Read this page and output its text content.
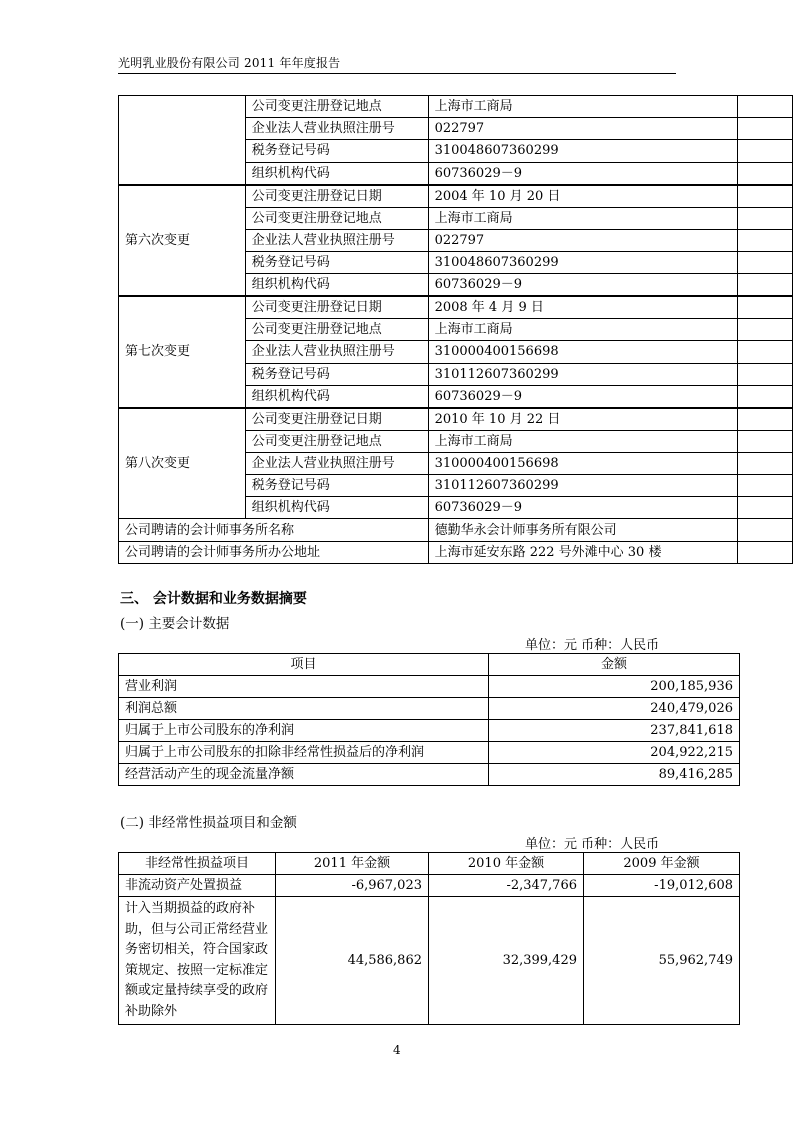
光明乳业股份有限公司 2011 年年度报告
	公司变更注册登记地点	上海市工商局	
	企业法人营业执照注册号	022797	
	税务登记号码	310048607360299	
	组织机构代码	60736029－9	
第六次变更	公司变更注册登记日期	2004 年 10 月 20 日	
	公司变更注册登记地点	上海市工商局	
	企业法人营业执照注册号	022797	
	税务登记号码	310048607360299	
	组织机构代码	60736029－9	
第七次变更	公司变更注册登记日期	2008 年 4 月 9 日	
	公司变更注册登记地点	上海市工商局	
	企业法人营业执照注册号	310000400156698	
	税务登记号码	310112607360299	
	组织机构代码	60736029－9	
第八次变更	公司变更注册登记日期	2010 年 10 月 22 日	
	公司变更注册登记地点	上海市工商局	
	企业法人营业执照注册号	310000400156698	
	税务登记号码	310112607360299	
	组织机构代码	60736029－9	
公司聘请的会计师事务所名称		德勤华永会计师事务所有限公司	
公司聘请的会计师事务所办公地址		上海市延安东路 222 号外滩中心 30 楼	
三、 会计数据和业务数据摘要
(一) 主要会计数据
单位：元 币种：人民币
项目	金额
营业利润	200,185,936
利润总额	240,479,026
归属于上市公司股东的净利润	237,841,618
归属于上市公司股东的扣除非经常性损益后的净利润	204,922,215
经营活动产生的现金流量净额	89,416,285
(二) 非经常性损益项目和金额
单位：元 币种：人民币
非经常性损益项目	2011 年金额	2010 年金额	2009 年金额
非流动资产处置损益	-6,967,023	-2,347,766	-19,012,608
计入当期损益的政府补助，但与公司正常经营业务密切相关，符合国家政策规定、按照一定标准定额或定量持续享受的政府补助除外	44,586,862	32,399,429	55,962,749
4
